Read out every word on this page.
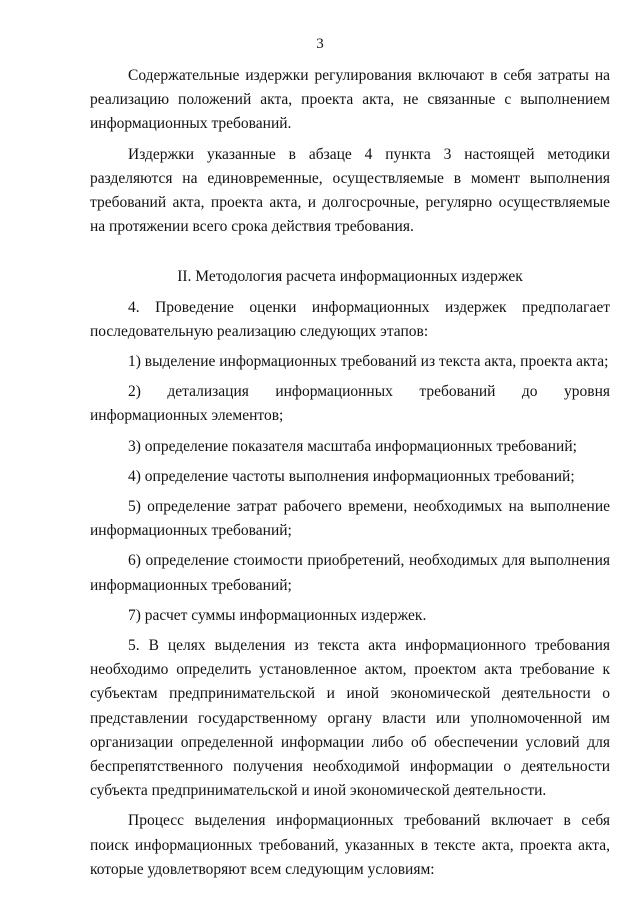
3

Содержательные издержки регулирования включают в себя затраты на реализацию положений акта, проекта акта, не связанные с выполнением информационных требований.

Издержки указанные в абзаце 4 пункта 3 настоящей методики разделяются на единовременные, осуществляемые в момент выполнения требований акта, проекта акта, и долгосрочные, регулярно осуществляемые на протяжении всего срока действия требования.

II. Методология расчета информационных издержек

4. Проведение оценки информационных издержек предполагает последовательную реализацию следующих этапов:

1) выделение информационных требований из текста акта, проекта акта;

2) детализация информационных требований до уровня информационных элементов;

3) определение показателя масштаба информационных требований;

4) определение частоты выполнения информационных требований;

5) определение затрат рабочего времени, необходимых на выполнение информационных требований;

6) определение стоимости приобретений, необходимых для выполнения информационных требований;

7) расчет суммы информационных издержек.

5. В целях выделения из текста акта информационного требования необходимо определить установленное актом, проектом акта требование к субъектам предпринимательской и иной экономической деятельности о представлении государственному органу власти или уполномоченной им организации определенной информации либо об обеспечении условий для беспрепятственного получения необходимой информации о деятельности субъекта предпринимательской и иной экономической деятельности.

Процесс выделения информационных требований включает в себя поиск информационных требований, указанных в тексте акта, проекта акта, которые удовлетворяют всем следующим условиям:
